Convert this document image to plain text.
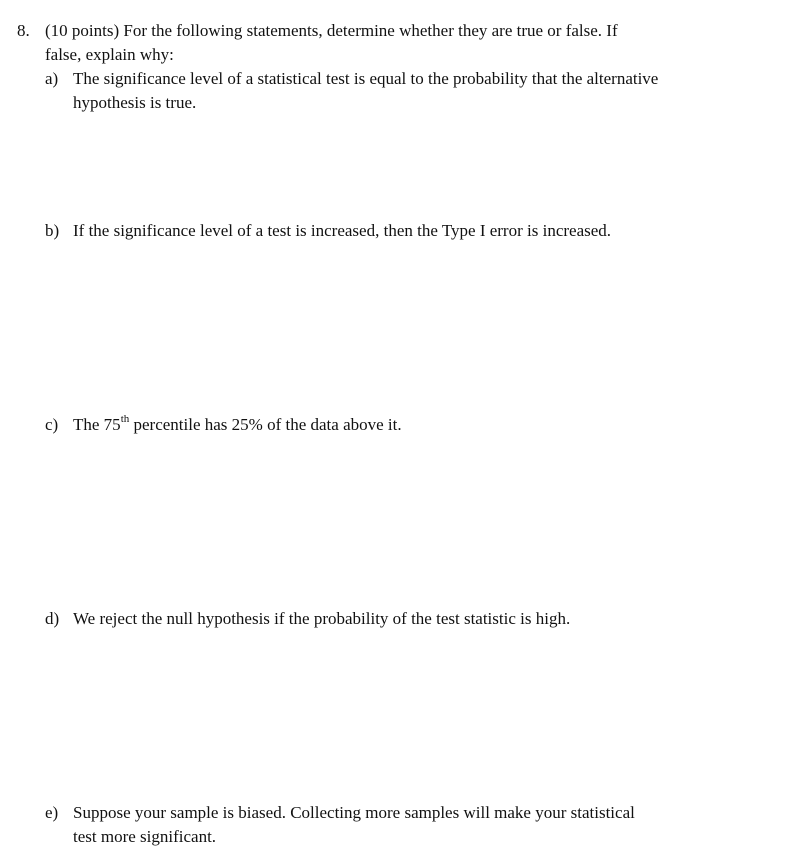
8. (10 points) For the following statements, determine whether they are true or false. If
false, explain why:
a) The significance level of a statistical test is equal to the probability that the alternative
hypothesis is true.
b) If the significance level of a test is increased, then the Type I error is increased.
c) The 75th percentile has 25% of the data above it.
d) We reject the null hypothesis if the probability of the test statistic is high.
e) Suppose your sample is biased. Collecting more samples will make your statistical
test more significant.
